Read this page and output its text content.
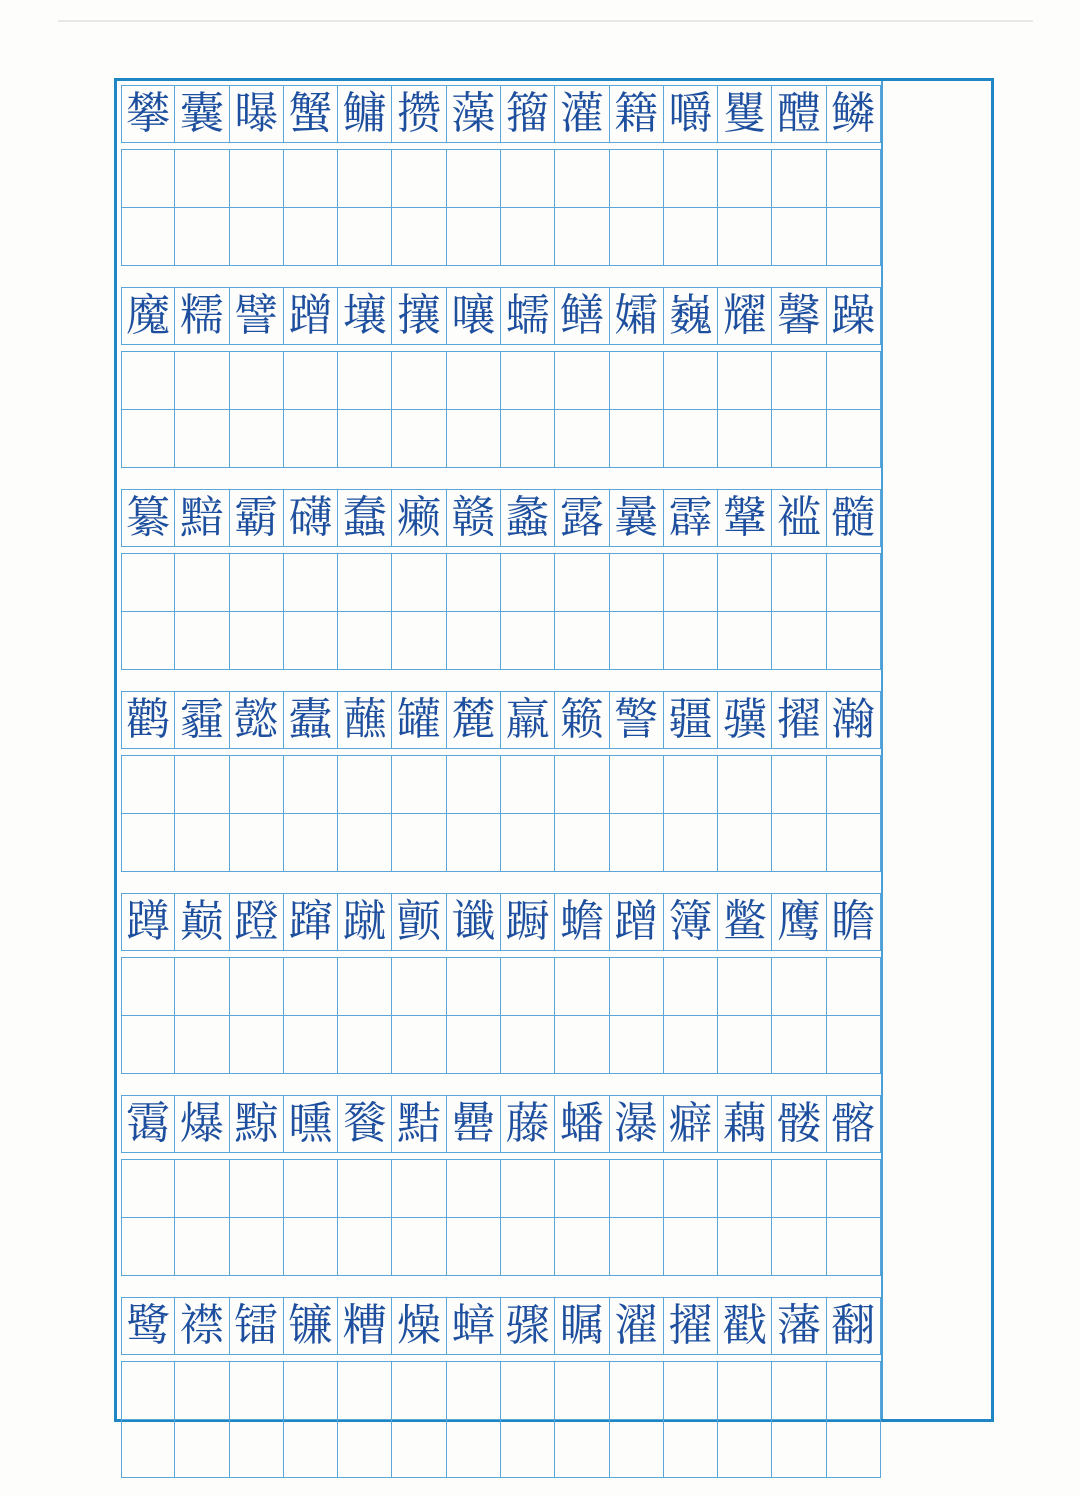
攀 囊 曝 蟹 鳙 攒 藻 籀 灌 籍 嚼 矍 醴 鳞
魔 糯 譬 蹭 壤 攘 嚷 蠕 鳝 孀 巍 耀 馨 躁
纂 黯 霸 礴 蠢 癞 赣 蠡 露 曩 霹 鞶 褴 髓
鹳 霾 懿 蠹 蘸 罐 麓 羸 籁 警 疆 骥 擢 瀚
蹲 巅 蹬 蹿 蹴 颤 谶 蹰 蟾 蹭 簿 鳖 鹰 瞻
霭 爆 黥 曛 餮 黠 罍 藤 蟠 瀑 癖 藕 髅 髂
鹭 襟 镭 镰 糟 燥 蟑 骤 瞩 濯 擢 戳 藩 翻
